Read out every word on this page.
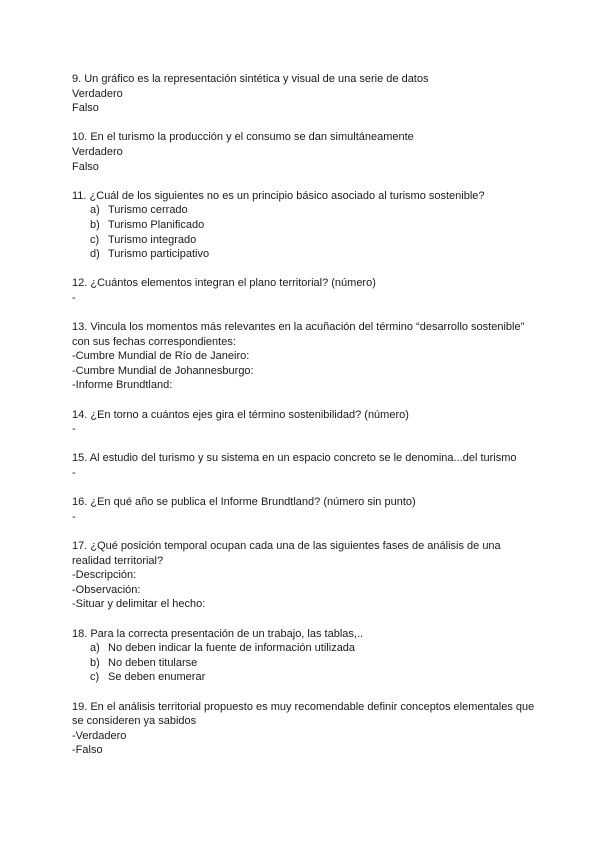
9. Un gráfico es la representación sintética y visual de una serie de datos
Verdadero
Falso
10. En el turismo la producción y el consumo se dan simultáneamente
Verdadero
Falso
11. ¿Cuál de los siguientes no es un principio básico asociado al turismo sostenible?
a) Turismo cerrado
b) Turismo Planificado
c) Turismo integrado
d) Turismo participativo
12. ¿Cuántos elementos integran el plano territorial? (número)
-
13. Vincula los momentos más relevantes en la acuñación del término “desarrollo sostenible” con sus fechas correspondientes:
-Cumbre Mundial de Río de Janeiro:
-Cumbre Mundial de Johannesburgo:
-Informe Brundtland:
14. ¿En torno a cuántos ejes gira el término sostenibilidad? (número)
-
15. Al estudio del turismo y su sistema en un espacio concreto se le denomina...del turismo
-
16. ¿En qué año se publica el Informe Brundtland? (número sin punto)
-
17. ¿Qué posición temporal ocupan cada una de las siguientes fases de análisis de una realidad territorial?
-Descripción:
-Observación:
-Situar y delimitar el hecho:
18. Para la correcta presentación de un trabajo, las tablas,..
a) No deben indicar la fuente de información utilizada
b) No deben titularse
c) Se deben enumerar
19. En el análisis territorial propuesto es muy recomendable definir conceptos elementales que se consideren ya sabidos
-Verdadero
-Falso
